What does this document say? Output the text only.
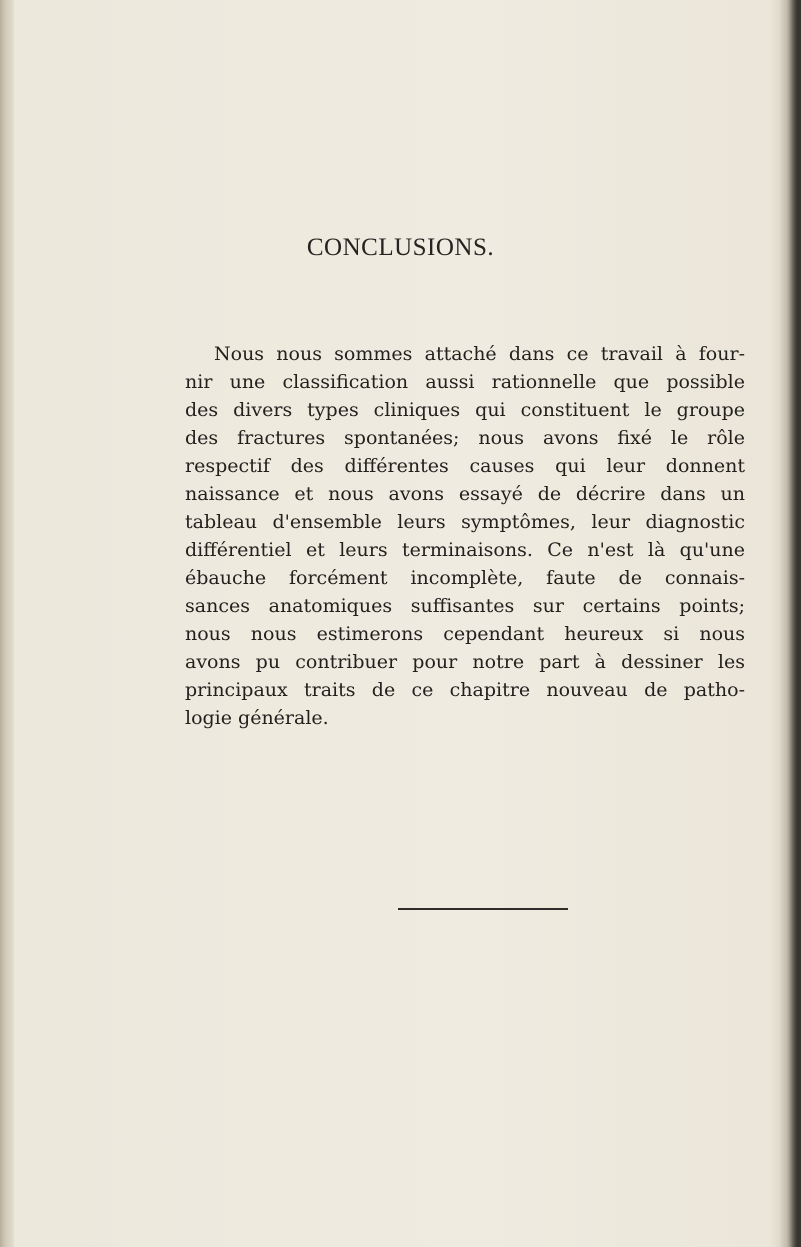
CONCLUSIONS.
Nous nous sommes attaché dans ce travail à four-
nir une classification aussi rationnelle que possible
des divers types cliniques qui constituent le groupe
des fractures spontanées; nous avons fixé le rôle
respectif des différentes causes qui leur donnent
naissance et nous avons essayé de décrire dans un
tableau d'ensemble leurs symptômes, leur diagnostic
différentiel et leurs terminaisons. Ce n'est là qu'une
ébauche forcément incomplète, faute de connais-
sances anatomiques suffisantes sur certains points;
nous nous estimerons cependant heureux si nous
avons pu contribuer pour notre part à dessiner les
principaux traits de ce chapitre nouveau de patho-
logie générale.
